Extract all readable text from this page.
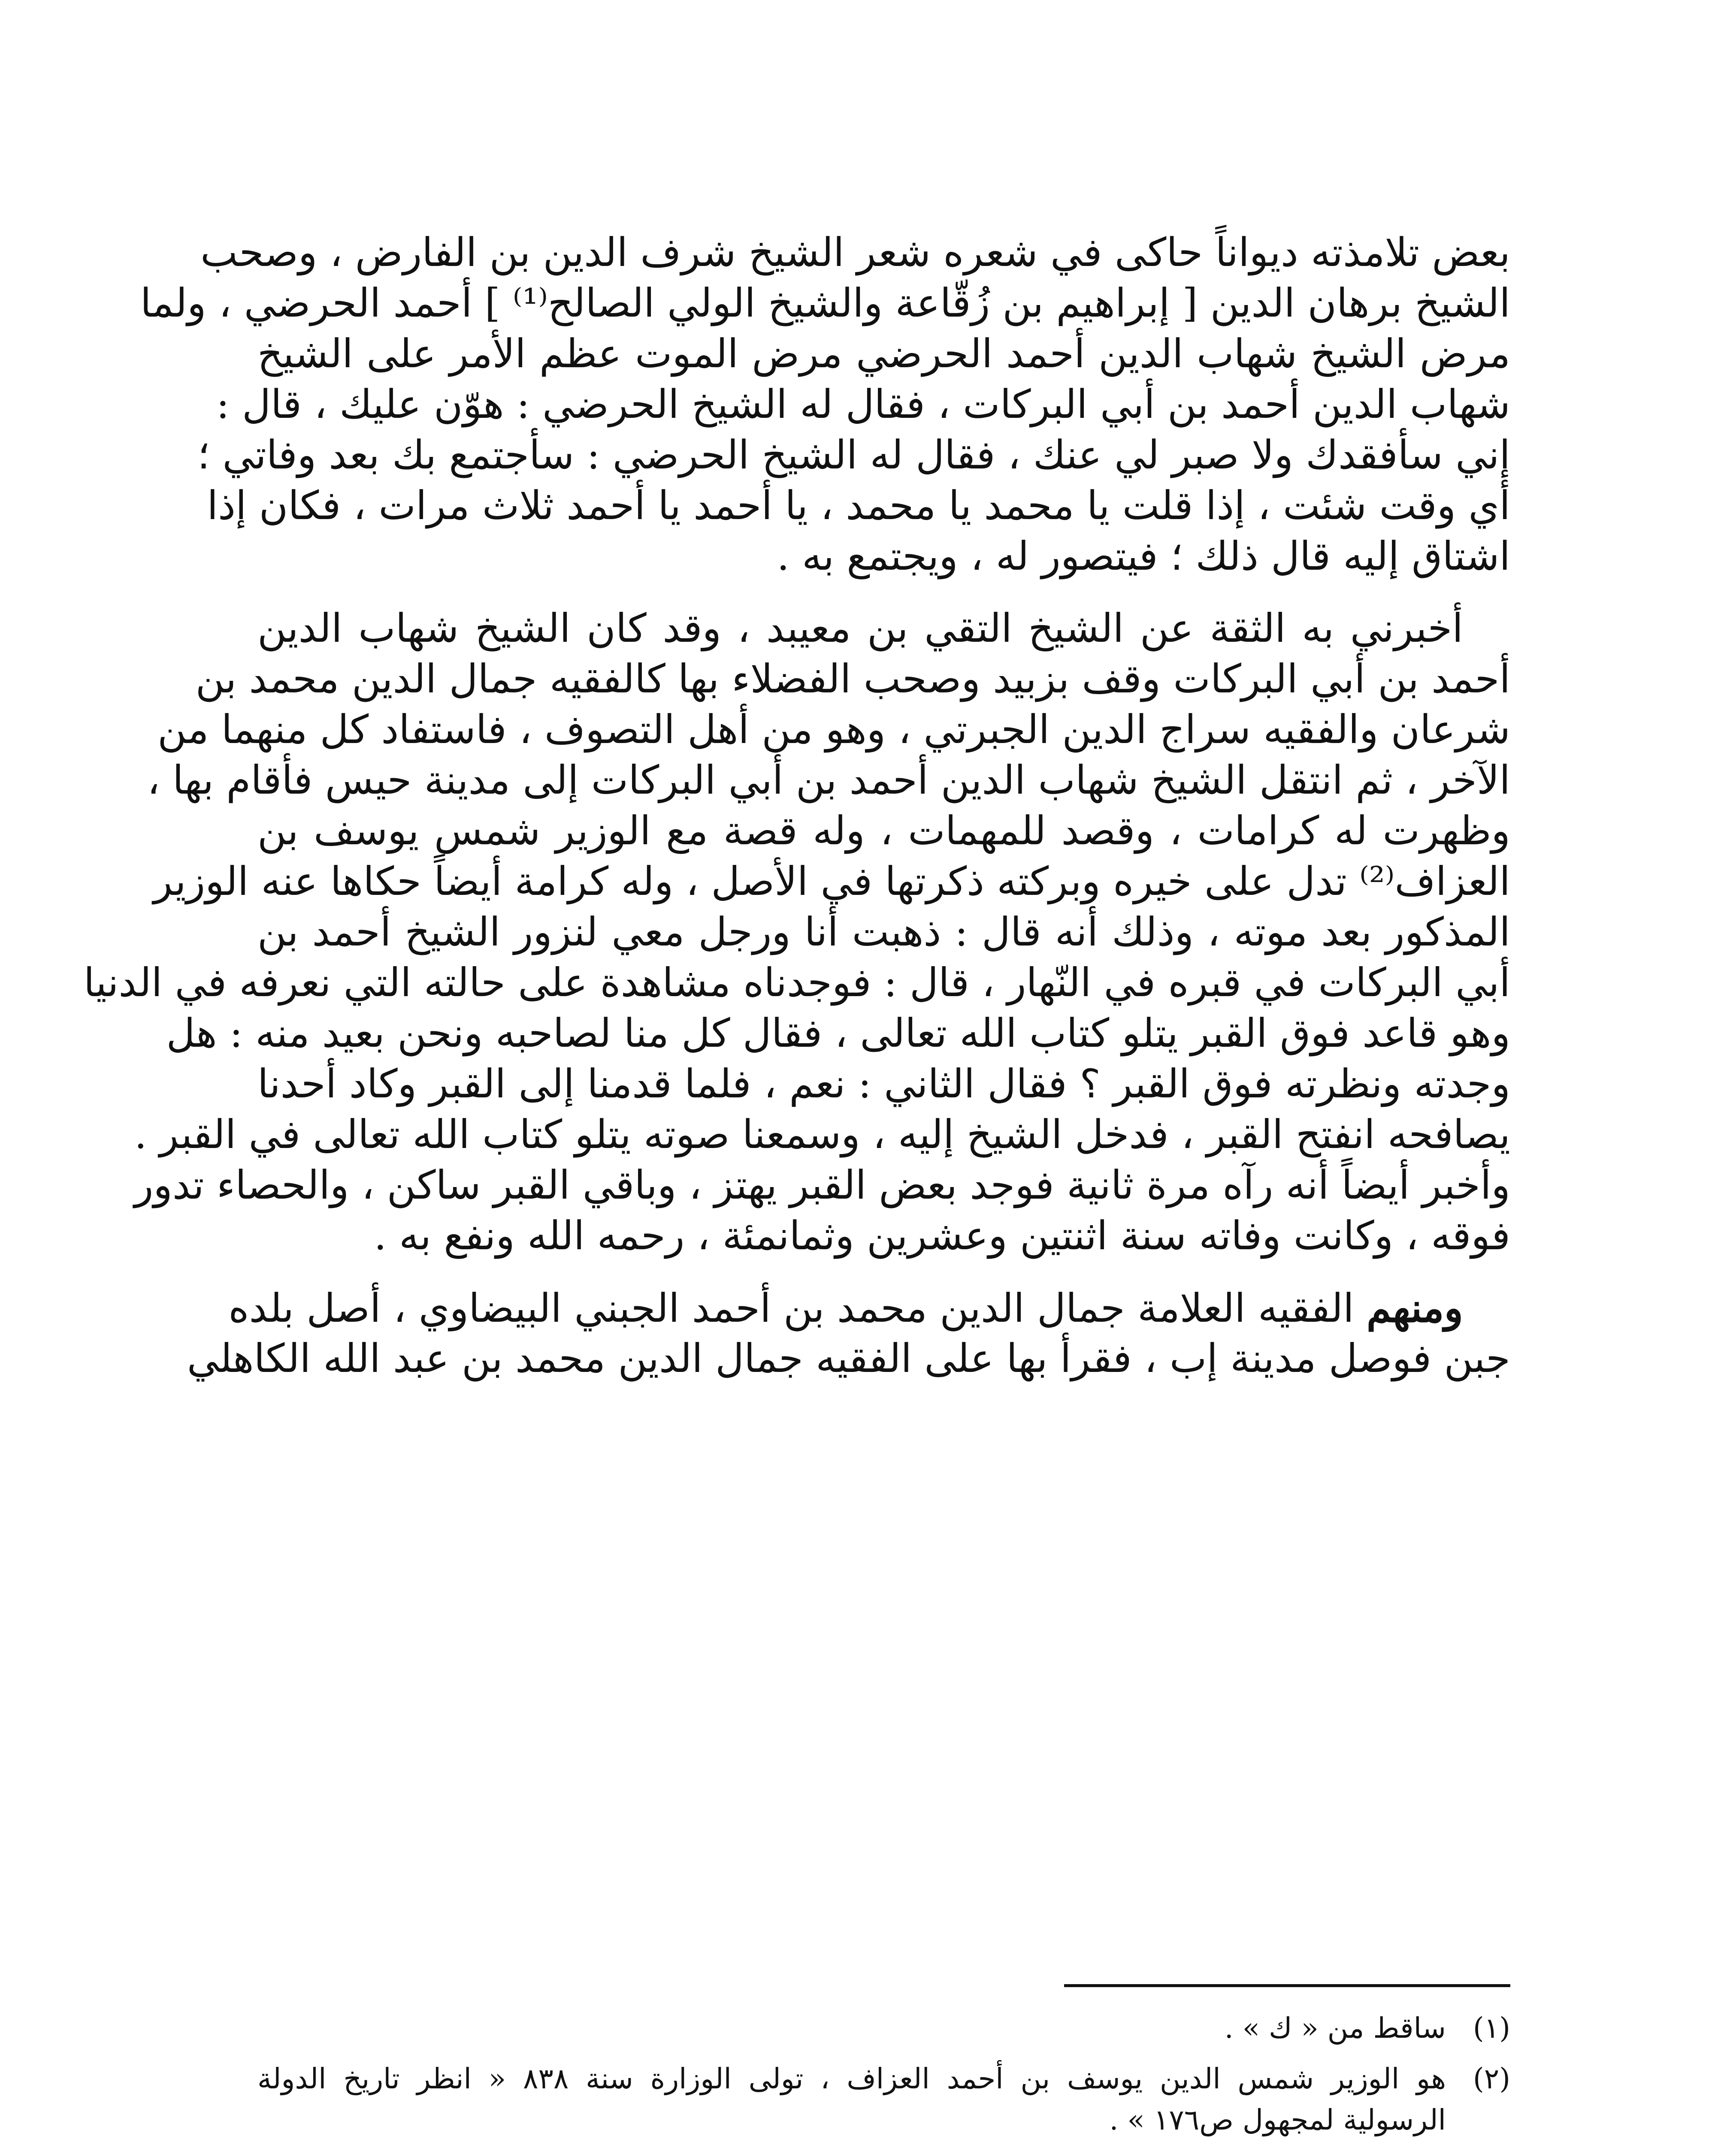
بعض تلامذته ديواناً حاكى في شعره شعر الشيخ شرف الدين بن الفارض ، وصحب
الشيخ برهان الدين [ إبراهيم بن زُقّاعة والشيخ الولي الصالح⁽¹⁾ ] أحمد الحرضي ، ولما
مرض الشيخ شهاب الدين أحمد الحرضي مرض الموت عظم الأمر على الشيخ
شهاب الدين أحمد بن أبي البركات ، فقال له الشيخ الحرضي : هوّن عليك ، قال :
إني سأفقدك ولا صبر لي عنك ، فقال له الشيخ الحرضي : سأجتمع بك بعد وفاتي ؛
أي وقت شئت ، إذا قلت يا محمد يا محمد ، يا أحمد يا أحمد ثلاث مرات ، فكان إذا
اشتاق إليه قال ذلك ؛ فيتصور له ، ويجتمع به .
أخبرني به الثقة عن الشيخ التقي بن معيبد ، وقد كان الشيخ شهاب الدين
أحمد بن أبي البركات وقف بزبيد وصحب الفضلاء بها كالفقيه جمال الدين محمد بن
شرعان والفقيه سراج الدين الجبرتي ، وهو من أهل التصوف ، فاستفاد كل منهما من
الآخر ، ثم انتقل الشيخ شهاب الدين أحمد بن أبي البركات إلى مدينة حيس فأقام بها ،
وظهرت له كرامات ، وقصد للمهمات ، وله قصة مع الوزير شمس يوسف بن
العزاف⁽²⁾ تدل على خيره وبركته ذكرتها في الأصل ، وله كرامة أيضاً حكاها عنه الوزير
المذكور بعد موته ، وذلك أنه قال : ذهبت أنا ورجل معي لنزور الشيخ أحمد بن
أبي البركات في قبره في النّهار ، قال : فوجدناه مشاهدة على حالته التي نعرفه في الدنيا
وهو قاعد فوق القبر يتلو كتاب الله تعالى ، فقال كل منا لصاحبه ونحن بعيد منه : هل
وجدته ونظرته فوق القبر ؟ فقال الثاني : نعم ، فلما قدمنا إلى القبر وكاد أحدنا
يصافحه انفتح القبر ، فدخل الشيخ إليه ، وسمعنا صوته يتلو كتاب الله تعالى في القبر .
وأخبر أيضاً أنه رآه مرة ثانية فوجد بعض القبر يهتز ، وباقي القبر ساكن ، والحصاء تدور
فوقه ، وكانت وفاته سنة اثنتين وعشرين وثمانمئة ، رحمه الله ونفع به .
ومنهم الفقيه العلامة جمال الدين محمد بن أحمد الجبني البيضاوي ، أصل بلده
جبن فوصل مدينة إب ، فقرأ بها على الفقيه جمال الدين محمد بن عبد الله الكاهلي
(١)
ساقط من « ك » .
(٢)
هو الوزير شمس الدين يوسف بن أحمد العزاف ، تولى الوزارة سنة ٨٣٨ « انظر تاريخ الدولة
الرسولية لمجهول ص١٧٦ » .
